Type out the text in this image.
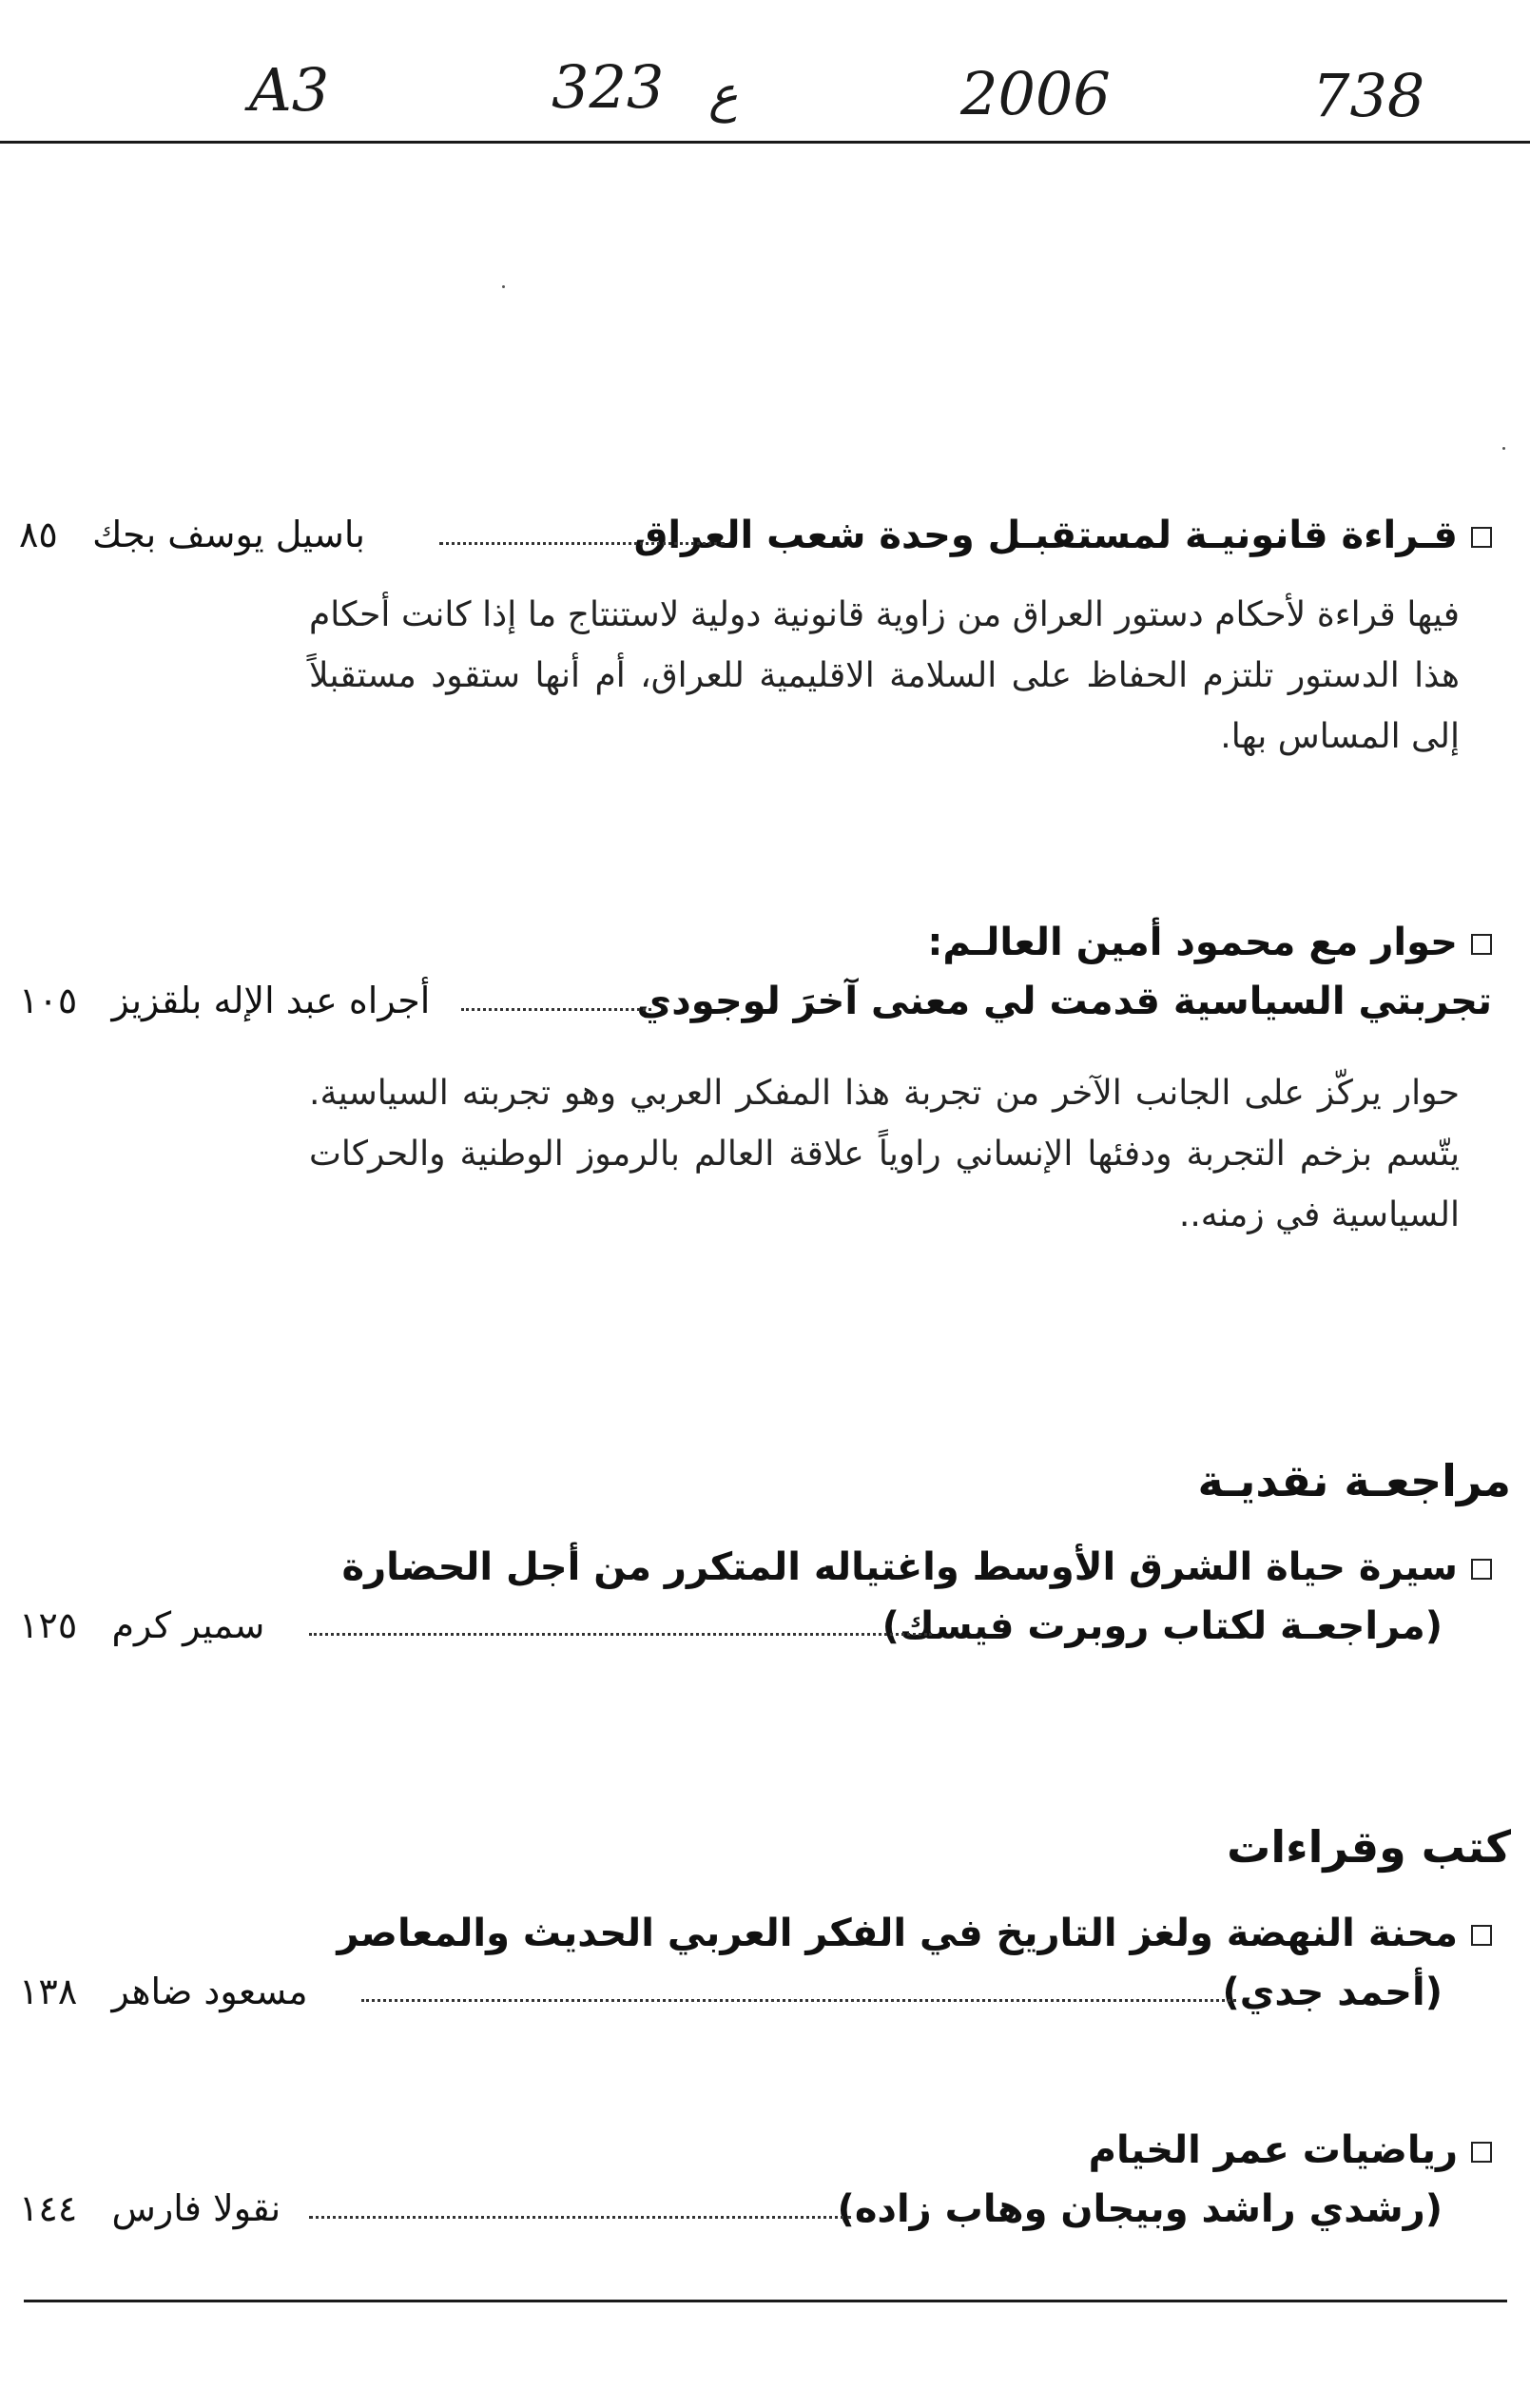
A3	323 ع	2006	738
قـراءة قانونيـة لمستقبـل وحدة شعب العراق
باسيل يوسف بجك   ٨٥
فيها قراءة لأحكام دستور العراق من زاوية قانونية دولية لاستنتاج ما إذا كانت أحكام هذا الدستور تلتزم الحفاظ على السلامة الاقليمية للعراق، أم أنها ستقود مستقبلاً إلى المساس بها.
حوار مع محمود أمين العالـم:
تجربتي السياسية قدمت لي معنى آخرَ لوجودي
أجراه عبد الإله بلقزيز   ١٠٥
حوار يركّز على الجانب الآخر من تجربة هذا المفكر العربي وهو تجربته السياسية. يتّسم بزخم التجربة ودفئها الإنساني راوياً علاقة العالم بالرموز الوطنية والحركات السياسية في زمنه..
مراجعـة نقديـة
سيرة حياة الشرق الأوسط واغتياله المتكرر من أجل الحضارة
(مراجعـة لكتاب روبرت فيسك)
سمير كرم   ١٢٥
كتب وقراءات
محنة النهضة ولغز التاريخ في الفكر العربي الحديث والمعاصر
(أحمد جدي)
مسعود ضاهر   ١٣٨
رياضيات عمر الخيام
(رشدي راشد وبيجان وهاب زاده)
نقولا فارس   ١٤٤
